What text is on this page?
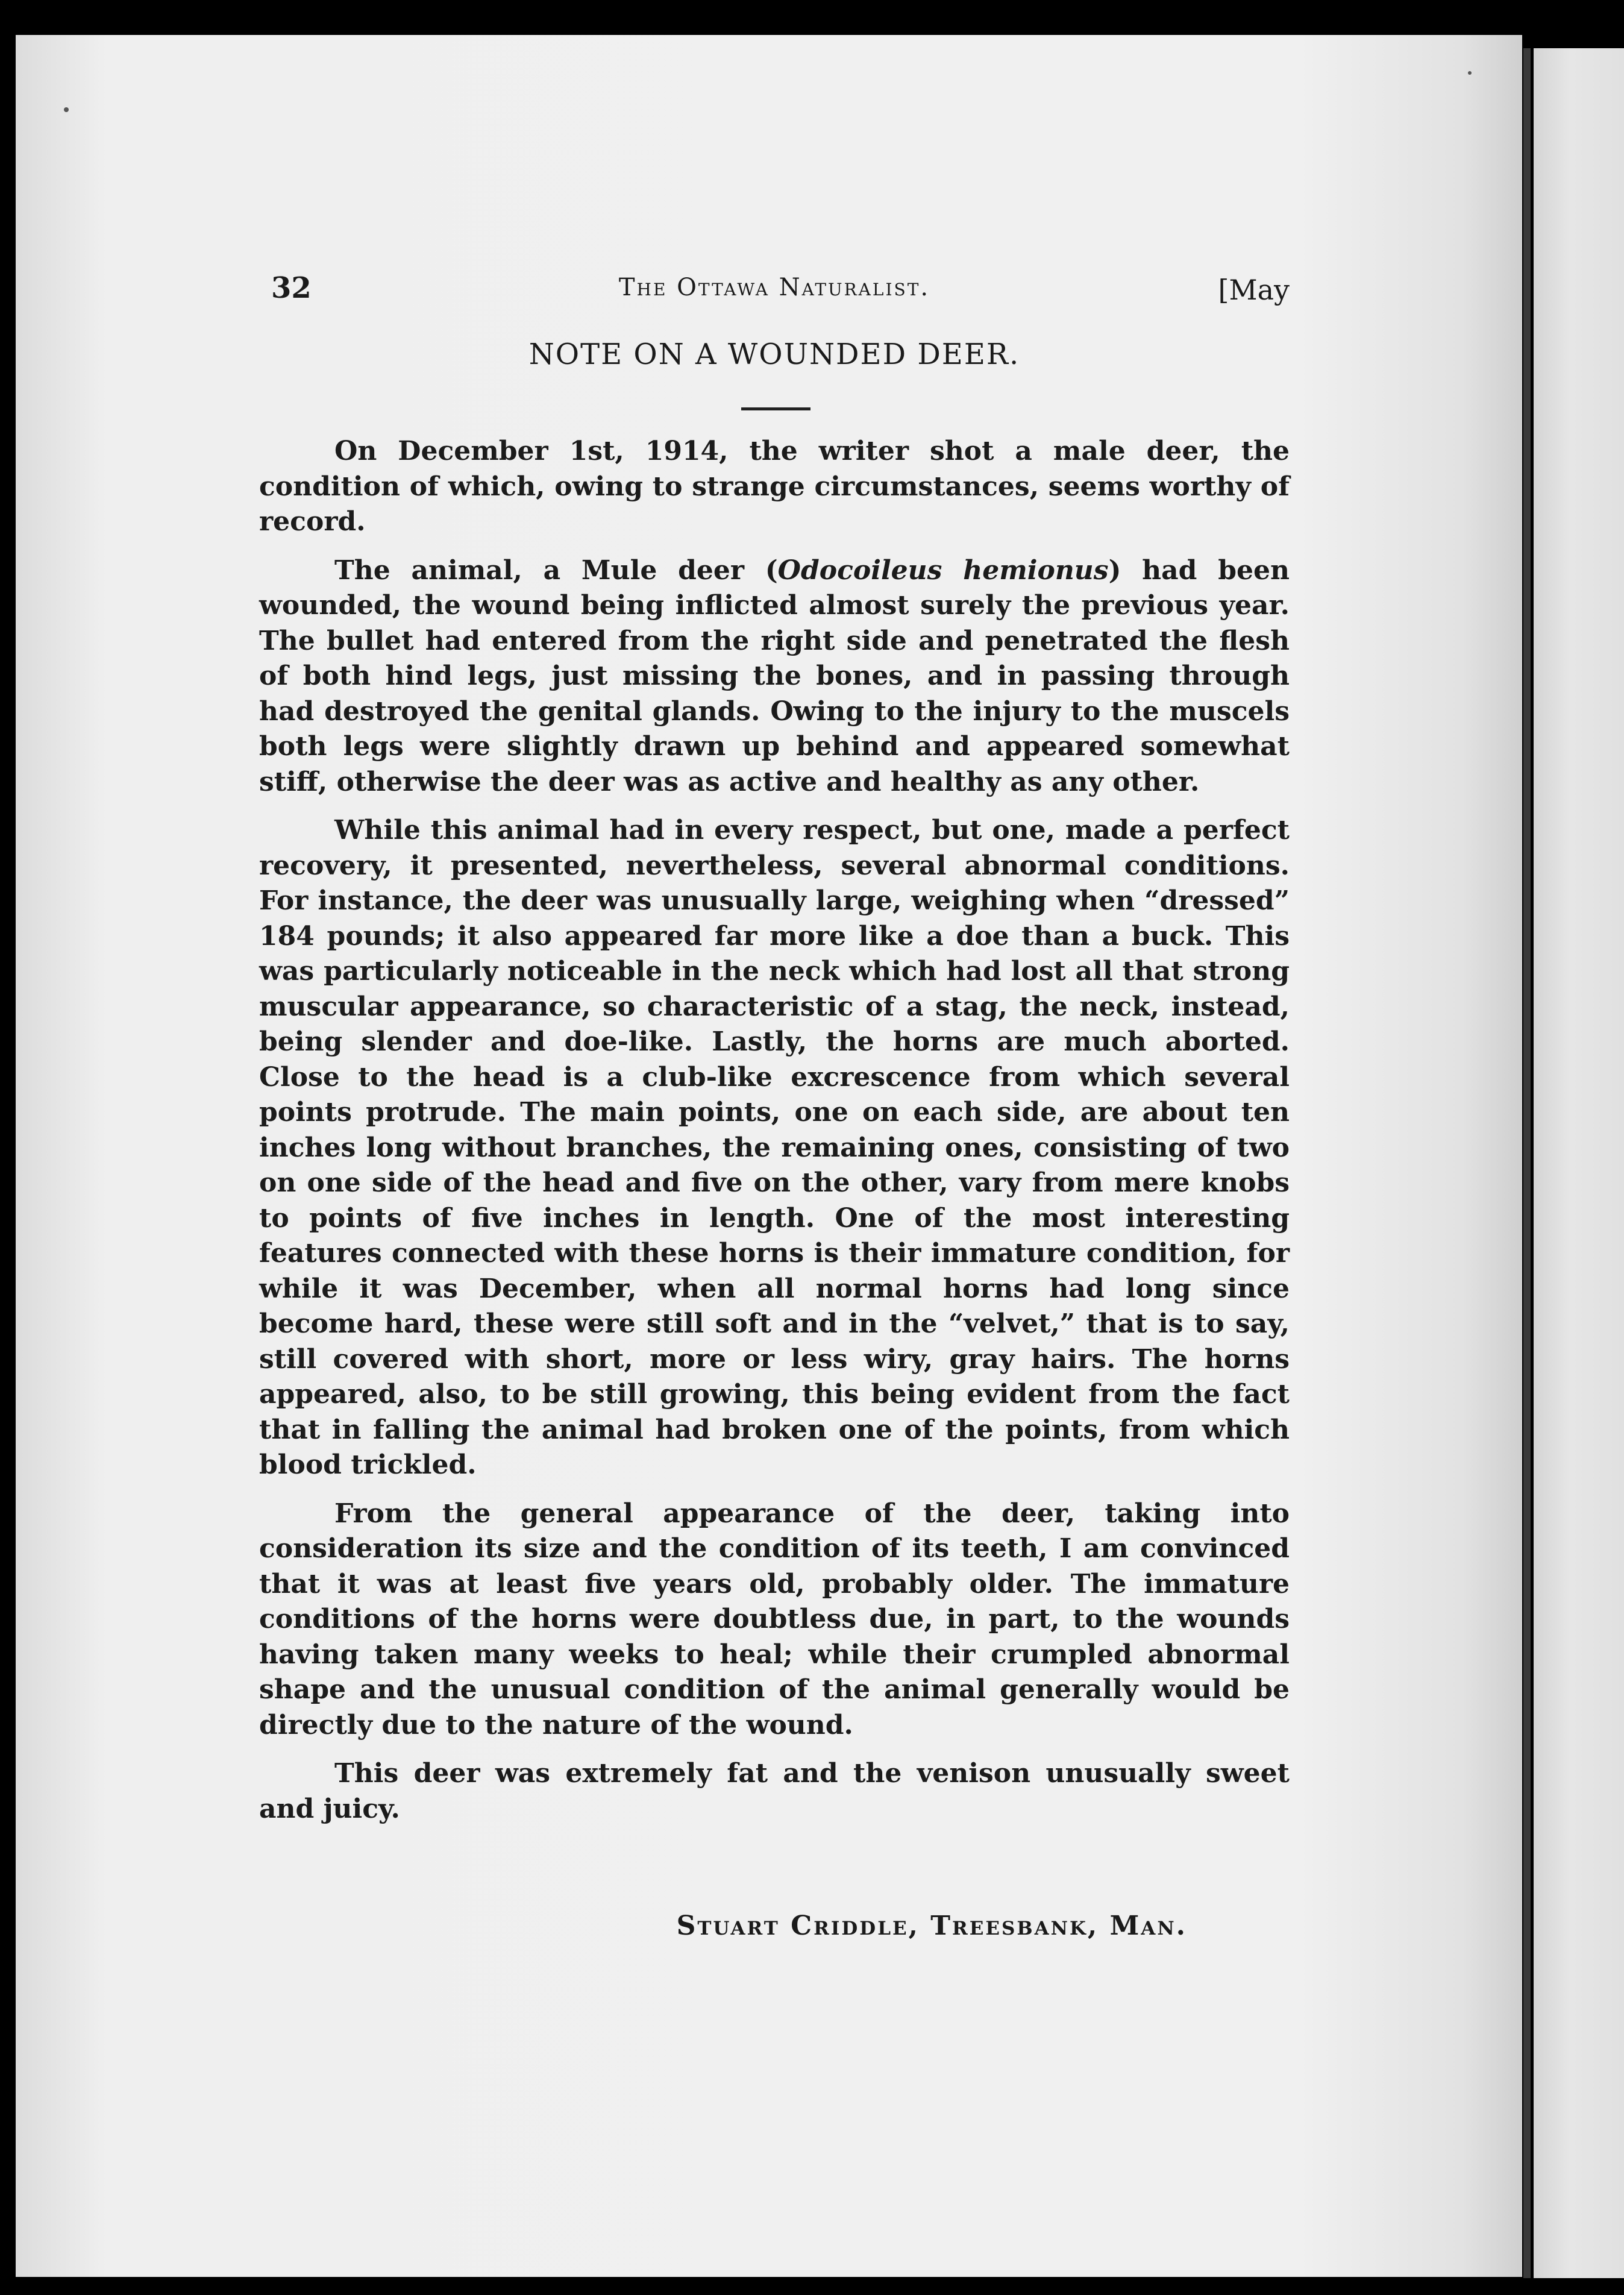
32	The Ottawa Naturalist.	[May
NOTE ON A WOUNDED DEER.

On December 1st, 1914, the writer shot a male deer, the condition of which, owing to strange circumstances, seems worthy of record.

The animal, a Mule deer (Odocoileus hemionus) had been wounded, the wound being inflicted almost surely the previous year. The bullet had entered from the right side and penetrated the flesh of both hind legs, just missing the bones, and in passing through had destroyed the genital glands. Owing to the injury to the muscels both legs were slightly drawn up behind and appeared somewhat stiff, otherwise the deer was as active and healthy as any other.

While this animal had in every respect, but one, made a perfect recovery, it presented, nevertheless, several abnormal conditions. For instance, the deer was unusually large, weighing when “dressed” 184 pounds; it also appeared far more like a doe than a buck. This was particularly noticeable in the neck which had lost all that strong muscular appearance, so characteristic of a stag, the neck, instead, being slender and doe-like. Lastly, the horns are much aborted. Close to the head is a club-like excrescence from which several points protrude. The main points, one on each side, are about ten inches long without branches, the remaining ones, consisting of two on one side of the head and five on the other, vary from mere knobs to points of five inches in length. One of the most interesting features connected with these horns is their immature condition, for while it was December, when all normal horns had long since become hard, these were still soft and in the “velvet,” that is to say, still covered with short, more or less wiry, gray hairs. The horns appeared, also, to be still growing, this being evident from the fact that in falling the animal had broken one of the points, from which blood trickled.

From the general appearance of the deer, taking into consideration its size and the condition of its teeth, I am convinced that it was at least five years old, probably older. The immature conditions of the horns were doubtless due, in part, to the wounds having taken many weeks to heal; while their crumpled abnormal shape and the unusual condition of the animal generally would be directly due to the nature of the wound.

This deer was extremely fat and the venison unusually sweet and juicy.

Stuart Criddle, Treesbank, Man.
